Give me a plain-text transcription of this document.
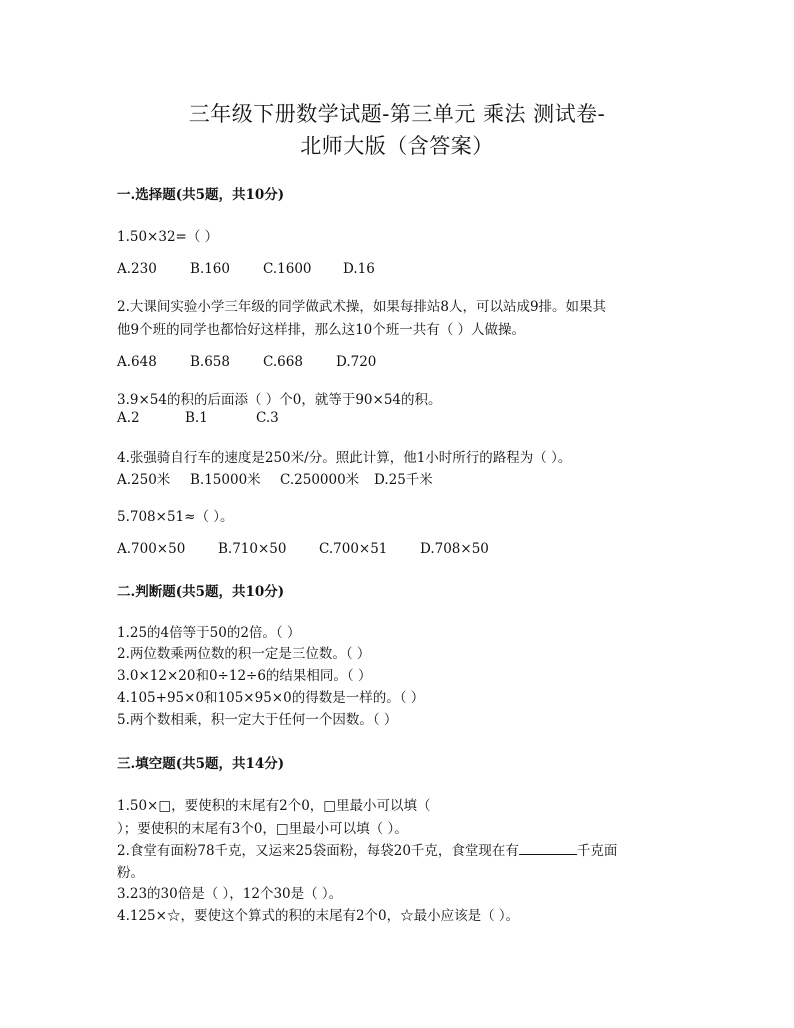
三年级下册数学试题-第三单元 乘法 测试卷-
北师大版（含答案）
一.选择题(共5题，共10分)
1.50×32=（ ）
A.230 B.160 C.1600 D.16
2.大课间实验小学三年级的同学做武术操，如果每排站8人，可以站成9排。如果其
他9个班的同学也都恰好这样排，那么这10个班一共有（ ）人做操。
A.648 B.658 C.668 D.720
3.9×54的积的后面添（ ）个0，就等于90×54的积。
A.2	B.1	C.3
4.张强骑自行车的速度是250米/分。照此计算，他1小时所行的路程为（ ）。
A.250米 B.15000米 C.250000米 D.25千米
5.708×51≈（ ）。
A.700×50 B.710×50 C.700×51 D.708×50
二.判断题(共5题，共10分)
1.25的4倍等于50的2倍。（ ）
2.两位数乘两位数的积一定是三位数。（ ）
3.0×12×20和0÷12÷6的结果相同。（ ）
4.105+95×0和105×95×0的得数是一样的。（ ）
5.两个数相乘，积一定大于任何一个因数。（ ）
三.填空题(共5题，共14分)
1.50×□，要使积的末尾有2个0，□里最小可以填（
）；要使积的末尾有3个0，□里最小可以填（ ）。
2.食堂有面粉78千克，又运来25袋面粉，每袋20千克，食堂现在有	千克面
粉。
3.23的30倍是（ ），12个30是（ ）。
4.125×☆，要使这个算式的积的末尾有2个0，☆最小应该是（ ）。
